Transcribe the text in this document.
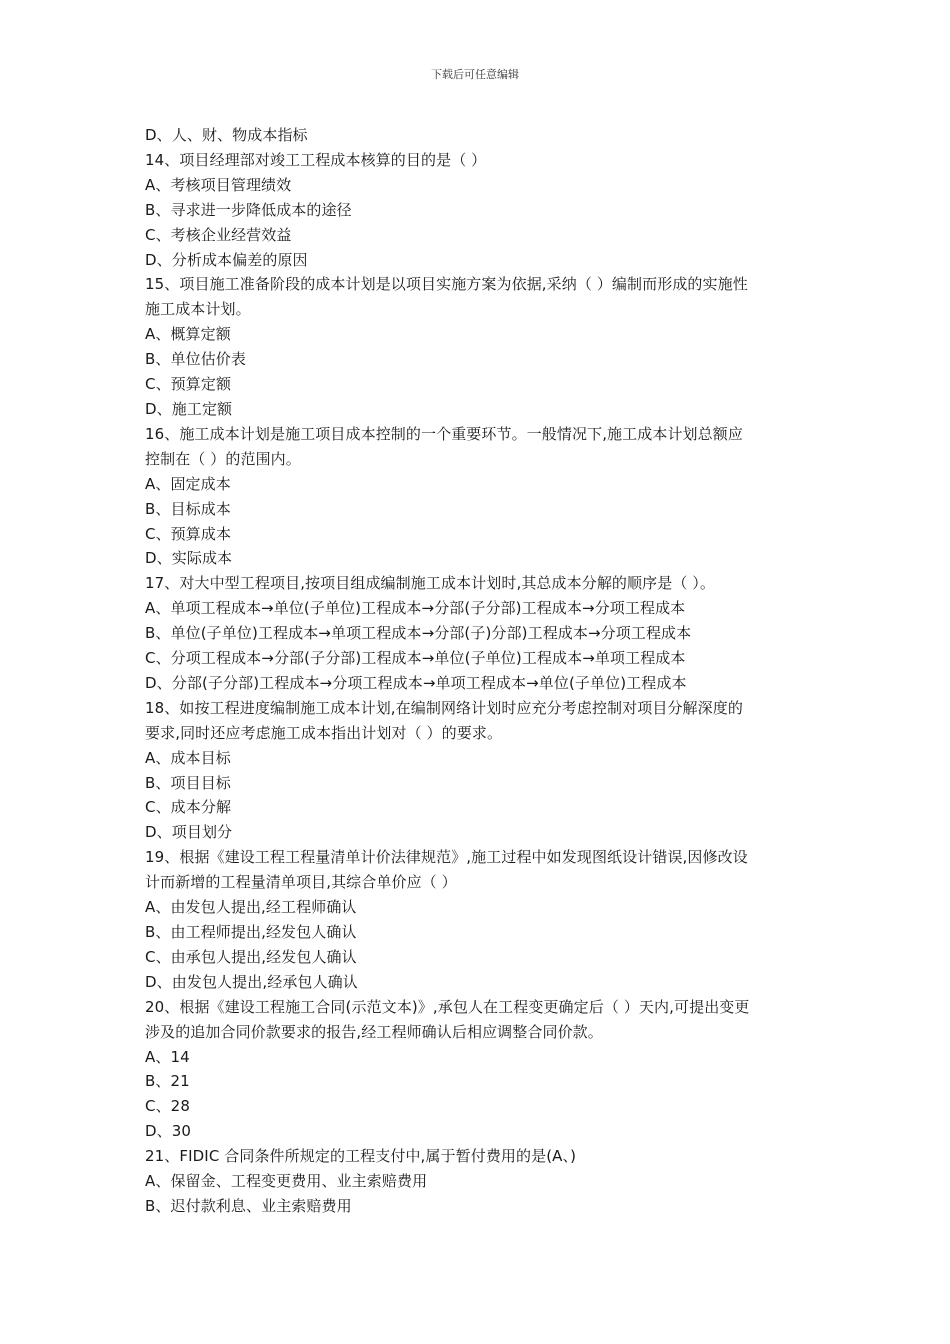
下载后可任意编辑
D、人、财、物成本指标
14、项目经理部对竣工工程成本核算的目的是（ ）
A、考核项目管理绩效
B、寻求进一步降低成本的途径
C、考核企业经营效益
D、分析成本偏差的原因
15、项目施工准备阶段的成本计划是以项目实施方案为依据,采纳（ ）编制而形成的实施性
施工成本计划。
A、概算定额
B、单位估价表
C、预算定额
D、施工定额
16、施工成本计划是施工项目成本控制的一个重要环节。一般情况下,施工成本计划总额应
控制在（ ）的范围内。
A、固定成本
B、目标成本
C、预算成本
D、实际成本
17、对大中型工程项目,按项目组成编制施工成本计划时,其总成本分解的顺序是（ ）。
A、单项工程成本→单位(子单位)工程成本→分部(子分部)工程成本→分项工程成本
B、单位(子单位)工程成本→单项工程成本→分部(子)分部)工程成本→分项工程成本
C、分项工程成本→分部(子分部)工程成本→单位(子单位)工程成本→单项工程成本
D、分部(子分部)工程成本→分项工程成本→单项工程成本→单位(子单位)工程成本
18、如按工程进度编制施工成本计划,在编制网络计划时应充分考虑控制对项目分解深度的
要求,同时还应考虑施工成本指出计划对（ ）的要求。
A、成本目标
B、项目目标
C、成本分解
D、项目划分
19、根据《建设工程工程量清单计价法律规范》,施工过程中如发现图纸设计错误,因修改设
计而新增的工程量清单项目,其综合单价应（ ）
A、由发包人提出,经工程师确认
B、由工程师提出,经发包人确认
C、由承包人提出,经发包人确认
D、由发包人提出,经承包人确认
20、根据《建设工程施工合同(示范文本)》,承包人在工程变更确定后（ ）天内,可提出变更
涉及的追加合同价款要求的报告,经工程师确认后相应调整合同价款。
A、14
B、21
C、28
D、30
21、FIDIC 合同条件所规定的工程支付中,属于暂付费用的是(A、)
A、保留金、工程变更费用、业主索赔费用
B、迟付款利息、业主索赔费用
